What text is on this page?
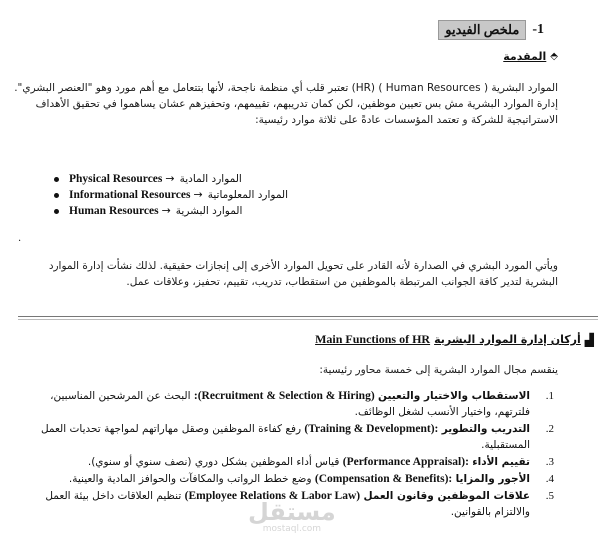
1-
ملخص الفيديو
⬘
المقدمة

الموارد البشرية ( Human Resources ) (HR) تعتبر قلب أي منظمة ناجحة، لأنها بتتعامل مع أهم مورد وهو "العنصر البشري". إدارة الموارد البشرية مش بس تعيين موظفين، لكن كمان تدريبهم، تقييمهم، وتحفيزهم عشان يساهموا في تحقيق الأهداف الاستراتيجية للشركة و تعتمد المؤسسات عادةً على ثلاثة موارد رئيسية:

Physical Resources → الموارد المادية
Informational Resources → الموارد المعلوماتية
Human Resources → الموارد البشرية
.

ويأتي المورد البشري في الصدارة لأنه القادر على تحويل الموارد الأخرى إلى إنجازات حقيقية. لذلك نشأت إدارة الموارد البشرية لتدير كافة الجوانب المرتبطة بالموظفين من استقطاب، تدريب، تقييم، تحفيز، وعلاقات عمل.

▟
أركان إدارة الموارد البشرية
Main Functions of HR

ينقسم مجال الموارد البشرية إلى خمسة محاور رئيسية:

.1
الاستقطاب والاختيار والتعيين (Recruitment & Selection & Hiring): البحث عن المرشحين المناسبين، فلترتهم، واختيار الأنسب لشغل الوظائف.
.2
التدريب والتطوير :(Training & Development) رفع كفاءة الموظفين وصقل مهاراتهم لمواجهة تحديات العمل المستقبلية.
.3
تقييم الأداء :(Performance Appraisal) قياس أداء الموظفين بشكل دوري (نصف سنوي أو سنوي).
.4
الأجور والمزايا :(Compensation & Benefits) وضع خطط الرواتب والمكافآت والحوافز المادية والعينية.
.5
علاقات الموظفين وقانون العمل (Employee Relations & Labor Law) تنظيم العلاقات داخل بيئة العمل والالتزام بالقوانين.
مستقل
mostaql.com
